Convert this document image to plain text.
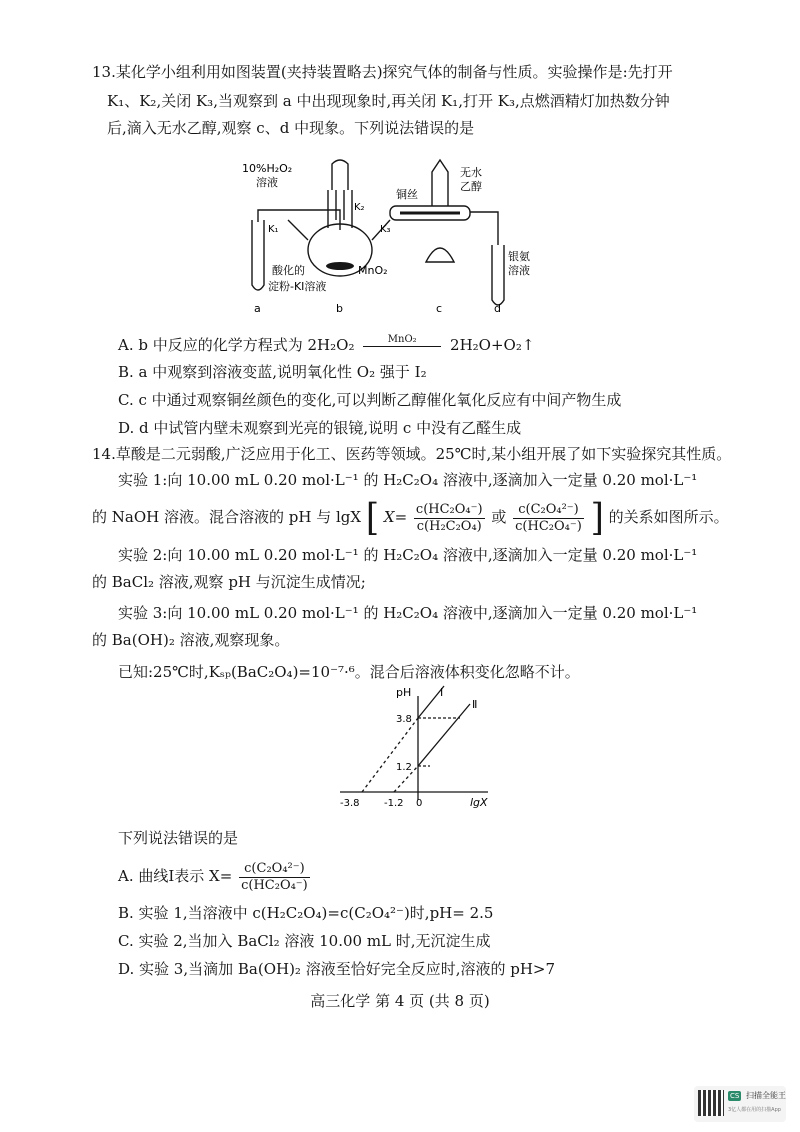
13.某化学小组利用如图装置(夹持装置略去)探究气体的制备与性质。实验操作是:先打开
K₁、K₂,关闭 K₃,当观察到 a 中出现现象时,再关闭 K₁,打开 K₃,点燃酒精灯加热数分钟
后,滴入无水乙醇,观察 c、d 中现象。下列说法错误的是
10%H₂O₂
溶液
K₂
K₁	K₃
酸化的
淀粉-KI溶液
MnO₂
铜丝
无水
乙醇
银氨
溶液
a	b	c	d
A. b 中反应的化学方程式为 2H₂O₂	MnO₂	2H₂O+O₂↑
B. a 中观察到溶液变蓝,说明氧化性 O₂ 强于 I₂
C. c 中通过观察铜丝颜色的变化,可以判断乙醇催化氧化反应有中间产物生成
D. d 中试管内壁未观察到光亮的银镜,说明 c 中没有乙醛生成
14.草酸是二元弱酸,广泛应用于化工、医药等领域。25℃时,某小组开展了如下实验探究其性质。
实验 1:向 10.00 mL 0.20 mol·L⁻¹ 的 H₂C₂O₄ 溶液中,逐滴加入一定量 0.20 mol·L⁻¹
的 NaOH 溶液。混合溶液的 pH 与 lgX [ $X= \frac{\text{c(HC₂O₄⁻)}}{\text{c(H₂C₂O₄)}}$ 或 $\frac{\text{c(C₂O₄²⁻)}}{\text{c(HC₂O₄⁻)}}$ ] 的关系如图所示。
实验 2:向 10.00 mL 0.20 mol·L⁻¹ 的 H₂C₂O₄ 溶液中,逐滴加入一定量 0.20 mol·L⁻¹
的 BaCl₂ 溶液,观察 pH 与沉淀生成情况;
实验 3:向 10.00 mL 0.20 mol·L⁻¹ 的 H₂C₂O₄ 溶液中,逐滴加入一定量 0.20 mol·L⁻¹
的 Ba(OH)₂ 溶液,观察现象。
已知:25℃时,Kₛₚ(BaC₂O₄)=10⁻⁷·⁶。混合后溶液体积变化忽略不计。
pH
lgX
Ⅰ
Ⅱ
3.8
1.2
-3.8 -1.2 0
下列说法错误的是
A. 曲线Ⅰ表示 $X= \frac{\text{c(C₂O₄²⁻)}}{\text{c(HC₂O₄⁻)}}$
B. 实验 1,当溶液中 c(H₂C₂O₄)=c(C₂O₄²⁻)时,pH= 2.5
C. 实验 2,当加入 BaCl₂ 溶液 10.00 mL 时,无沉淀生成
D. 实验 3,当滴加 Ba(OH)₂ 溶液至恰好完全反应时,溶液的 pH>7
高三化学 第 4 页 (共 8 页)
CS 扫描全能王
3亿人都在用的扫描App
